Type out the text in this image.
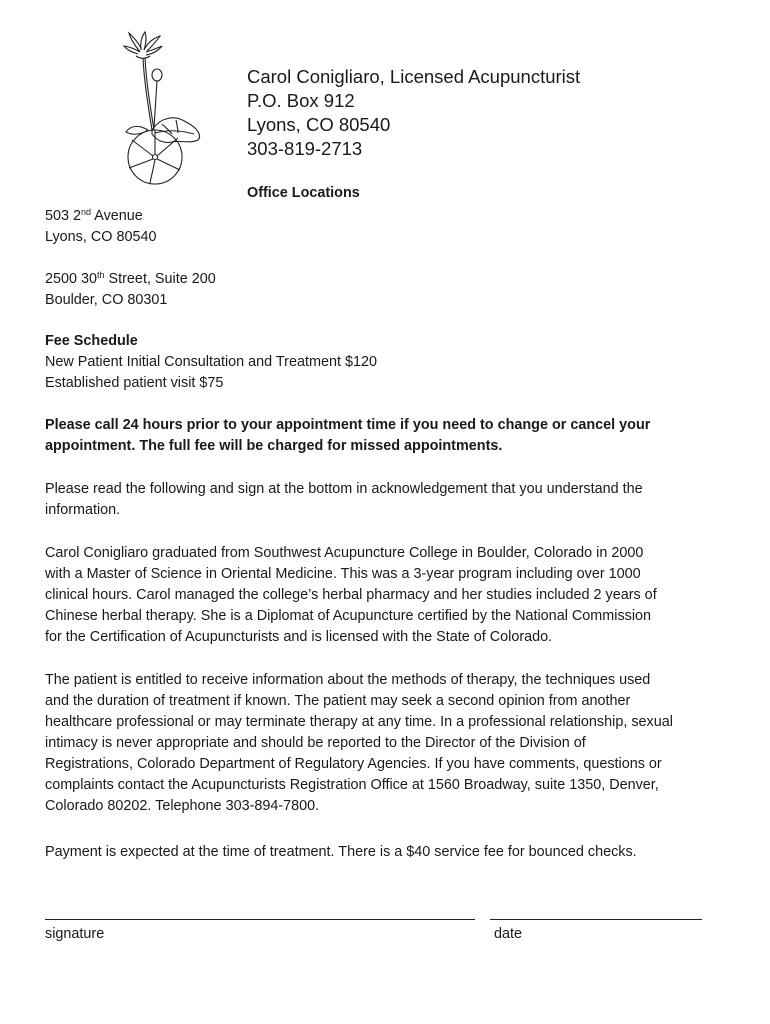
Carol Conigliaro, Licensed Acupuncturist
P.O. Box 912
Lyons, CO 80540
303-819-2713
Office Locations
503 2nd Avenue
Lyons, CO 80540
2500 30th Street, Suite 200
Boulder, CO 80301
Fee Schedule
New Patient Initial Consultation and Treatment $120
Established patient visit $75
Please call 24 hours prior to your appointment time if you need to change or cancel your
appointment. The full fee will be charged for missed appointments.
Please read the following and sign at the bottom in acknowledgement that you understand the
information.
Carol Conigliaro graduated from Southwest Acupuncture College in Boulder, Colorado in 2000
with a Master of Science in Oriental Medicine. This was a 3-year program including over 1000
clinical hours. Carol managed the college’s herbal pharmacy and her studies included 2 years of
Chinese herbal therapy. She is a Diplomat of Acupuncture certified by the National Commission
for the Certification of Acupuncturists and is licensed with the State of Colorado.
The patient is entitled to receive information about the methods of therapy, the techniques used
and the duration of treatment if known. The patient may seek a second opinion from another
healthcare professional or may terminate therapy at any time. In a professional relationship, sexual
intimacy is never appropriate and should be reported to the Director of the Division of
Registrations, Colorado Department of Regulatory Agencies. If you have comments, questions or
complaints contact the Acupuncturists Registration Office at 1560 Broadway, suite 1350, Denver,
Colorado 80202. Telephone 303-894-7800.
Payment is expected at the time of treatment. There is a $40 service fee for bounced checks.
signature	date
